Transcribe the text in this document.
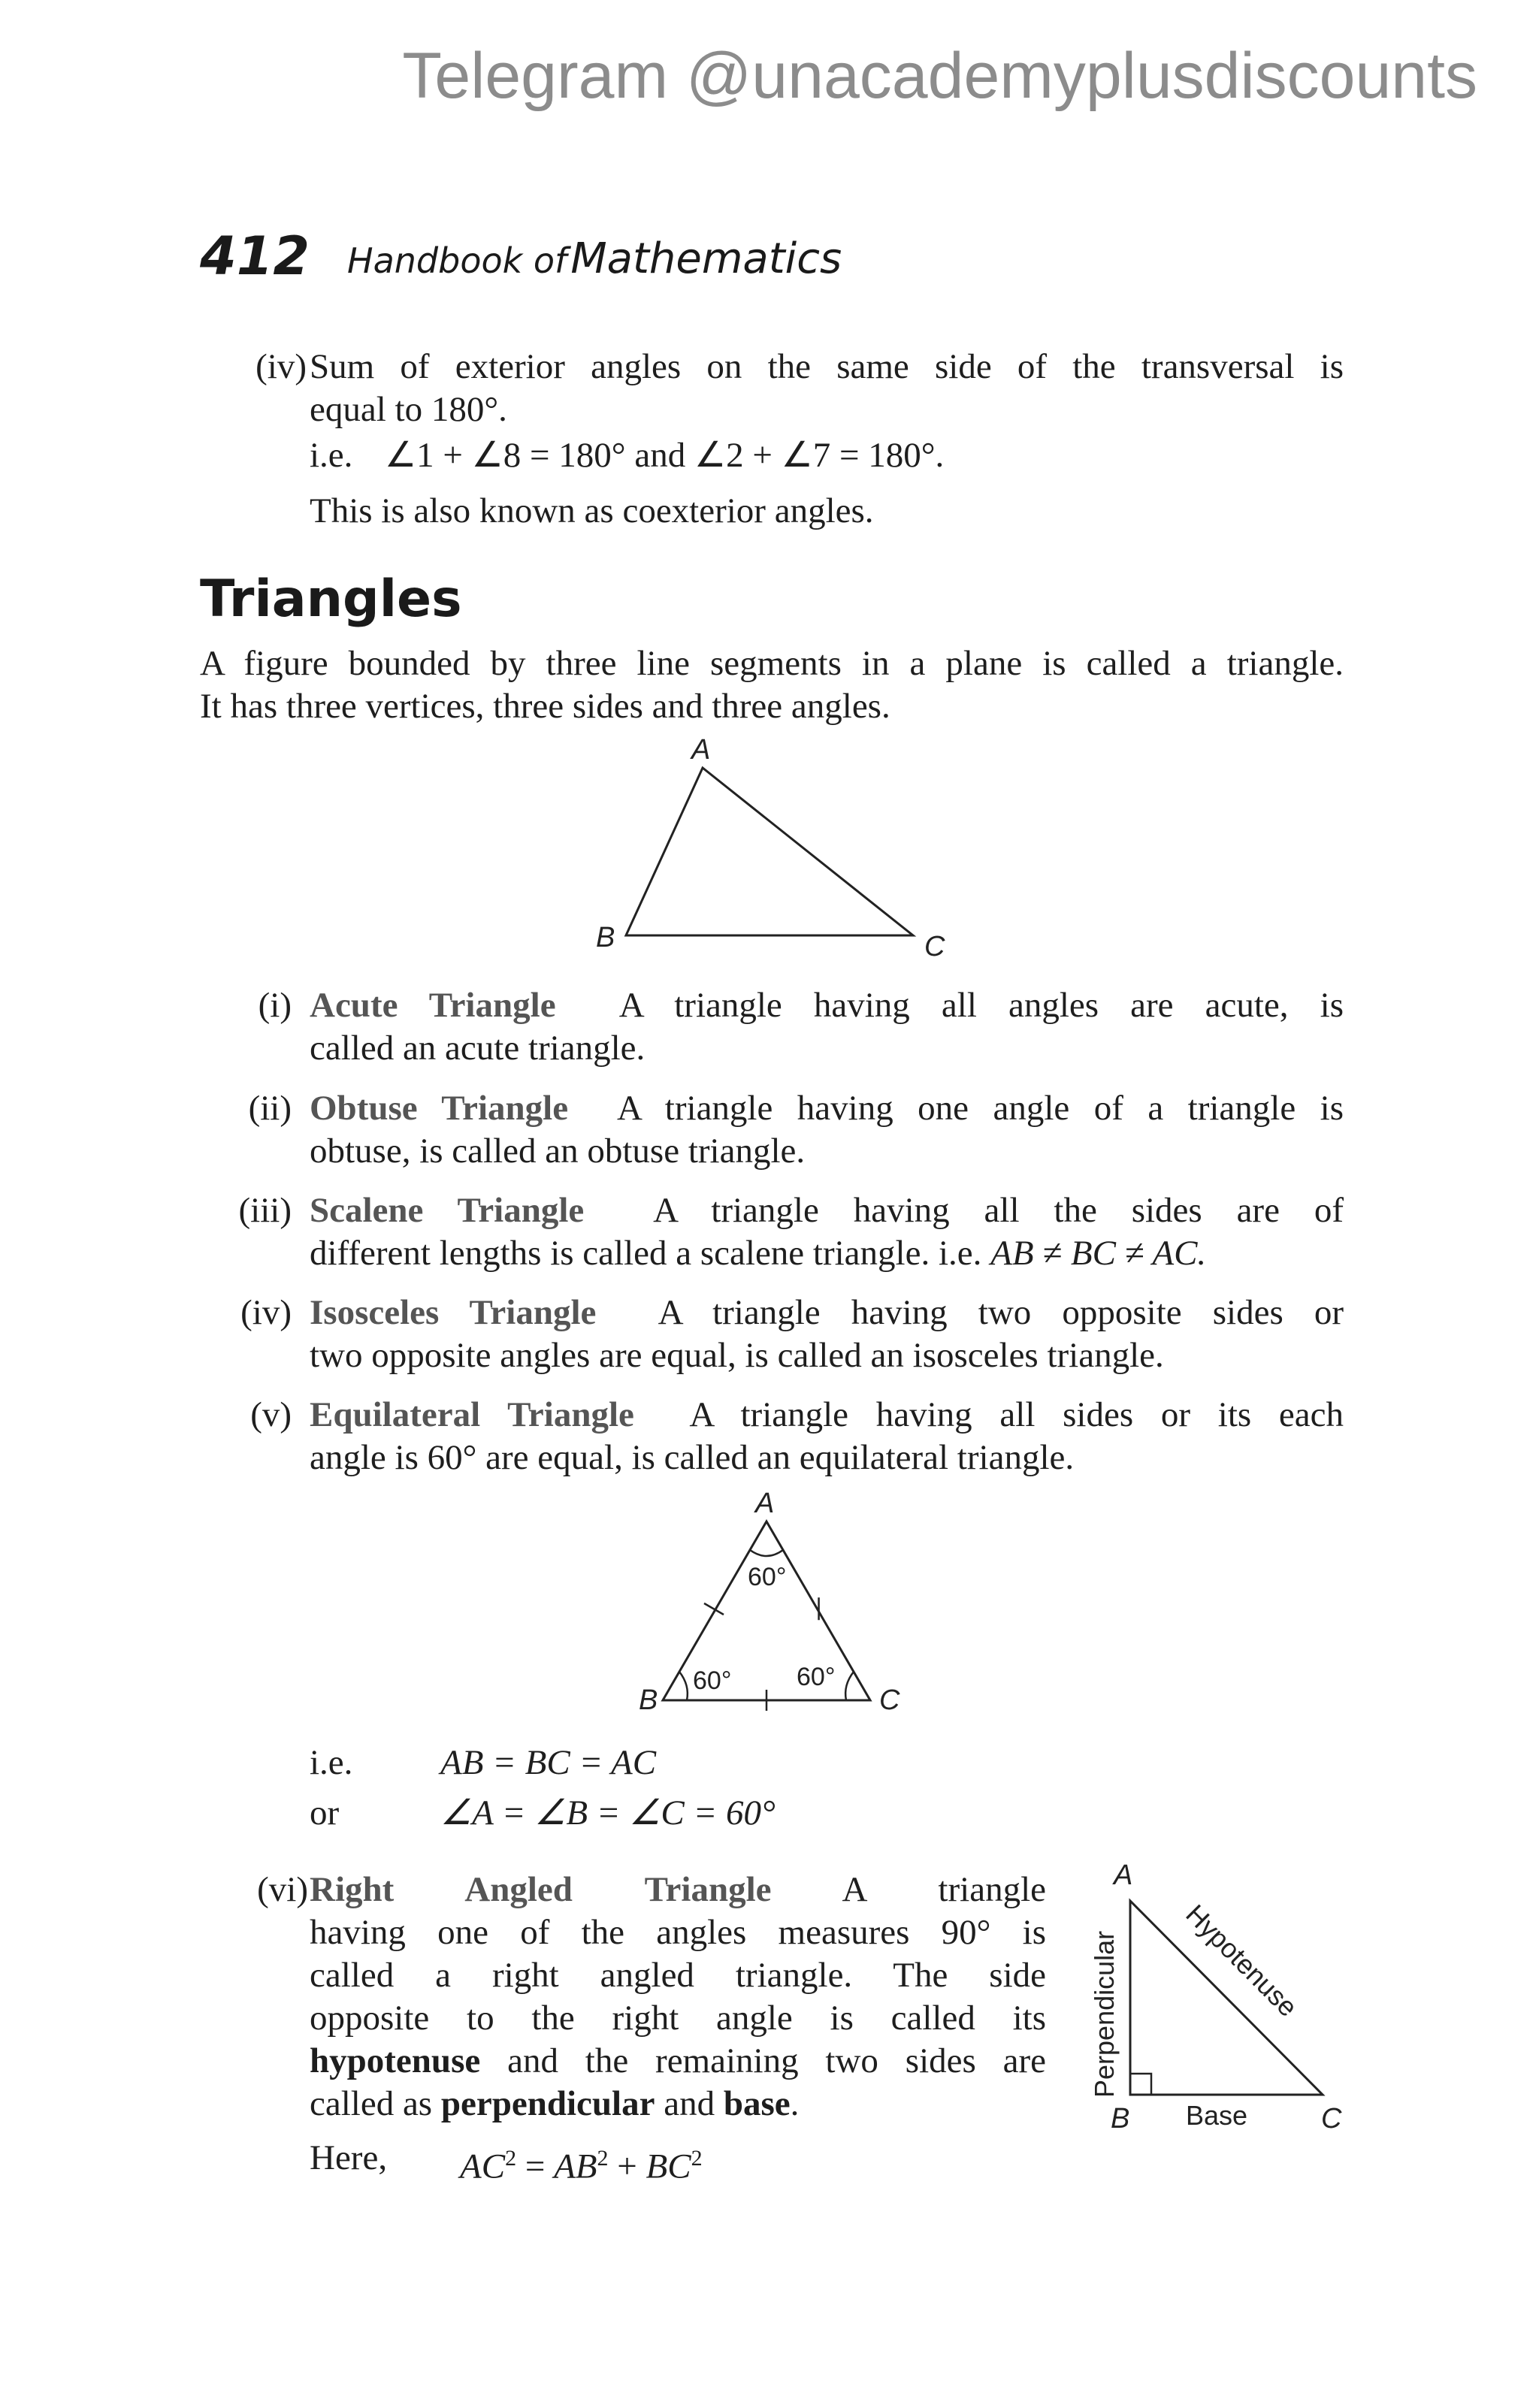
Telegram @unacademyplusdiscounts
412 Handbook of Mathematics
(iv) Sum of exterior angles on the same side of the transversal is
equal to 180°.
i.e. ∠1 + ∠8 = 180° and ∠2 + ∠7 = 180°.
This is also known as coexterior angles.
Triangles
A figure bounded by three line segments in a plane is called a triangle.
It has three vertices, three sides and three angles.
A
B	C
(i) Acute Triangle A triangle having all angles are acute, is
called an acute triangle.
(ii) Obtuse Triangle A triangle having one angle of a triangle is
obtuse, is called an obtuse triangle.
(iii) Scalene Triangle A triangle having all the sides are of
different lengths is called a scalene triangle. i.e. AB ≠ BC ≠ AC.
(iv) Isosceles Triangle A triangle having two opposite sides or
two opposite angles are equal, is called an isosceles triangle.
(v) Equilateral Triangle A triangle having all sides or its each
angle is 60° are equal, is called an equilateral triangle.
A
B	C
60°
60°	60°
i.e. AB = BC = AC
or	∠A = ∠B = ∠C = 60°
(vi) Right Angled Triangle A triangle
having one of the angles measures 90° is
called a right angled triangle. The side
opposite to the right angle is called its
hypotenuse and the remaining two sides are
called as perpendicular and base.
Here, $AC^2 = AB^2 + BC^2$
A
B	C
Perpendicular Hypotenuse
Base
